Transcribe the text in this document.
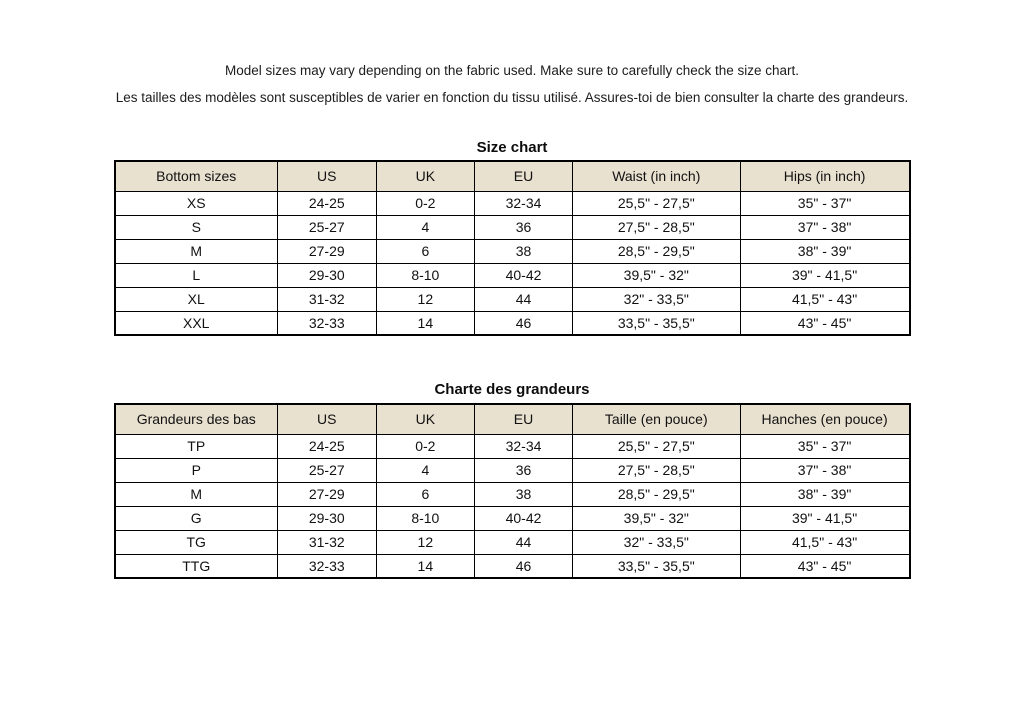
Model sizes may vary depending on the fabric used. Make sure to carefully check the size chart.

Les tailles des modèles sont susceptibles de varier en fonction du tissu utilisé. Assures-toi de bien consulter la charte des grandeurs.

Size chart
Bottom sizes	US	UK	EU	Waist (in inch)	Hips (in inch)
XS	24-25	0-2	32-34	25,5" - 27,5"	35" - 37"
S	25-27	4	36	27,5" - 28,5"	37" - 38"
M	27-29	6	38	28,5" - 29,5"	38" - 39"
L	29-30	8-10	40-42	39,5" - 32"	39" - 41,5"
XL	31-32	12	44	32" - 33,5"	41,5" - 43"
XXL	32-33	14	46	33,5" - 35,5"	43" - 45"
Charte des grandeurs
Grandeurs des bas	US	UK	EU	Taille (en pouce)	Hanches (en pouce)
TP	24-25	0-2	32-34	25,5" - 27,5"	35" - 37"
P	25-27	4	36	27,5" - 28,5"	37" - 38"
M	27-29	6	38	28,5" - 29,5"	38" - 39"
G	29-30	8-10	40-42	39,5" - 32"	39" - 41,5"
TG	31-32	12	44	32" - 33,5"	41,5" - 43"
TTG	32-33	14	46	33,5" - 35,5"	43" - 45"
